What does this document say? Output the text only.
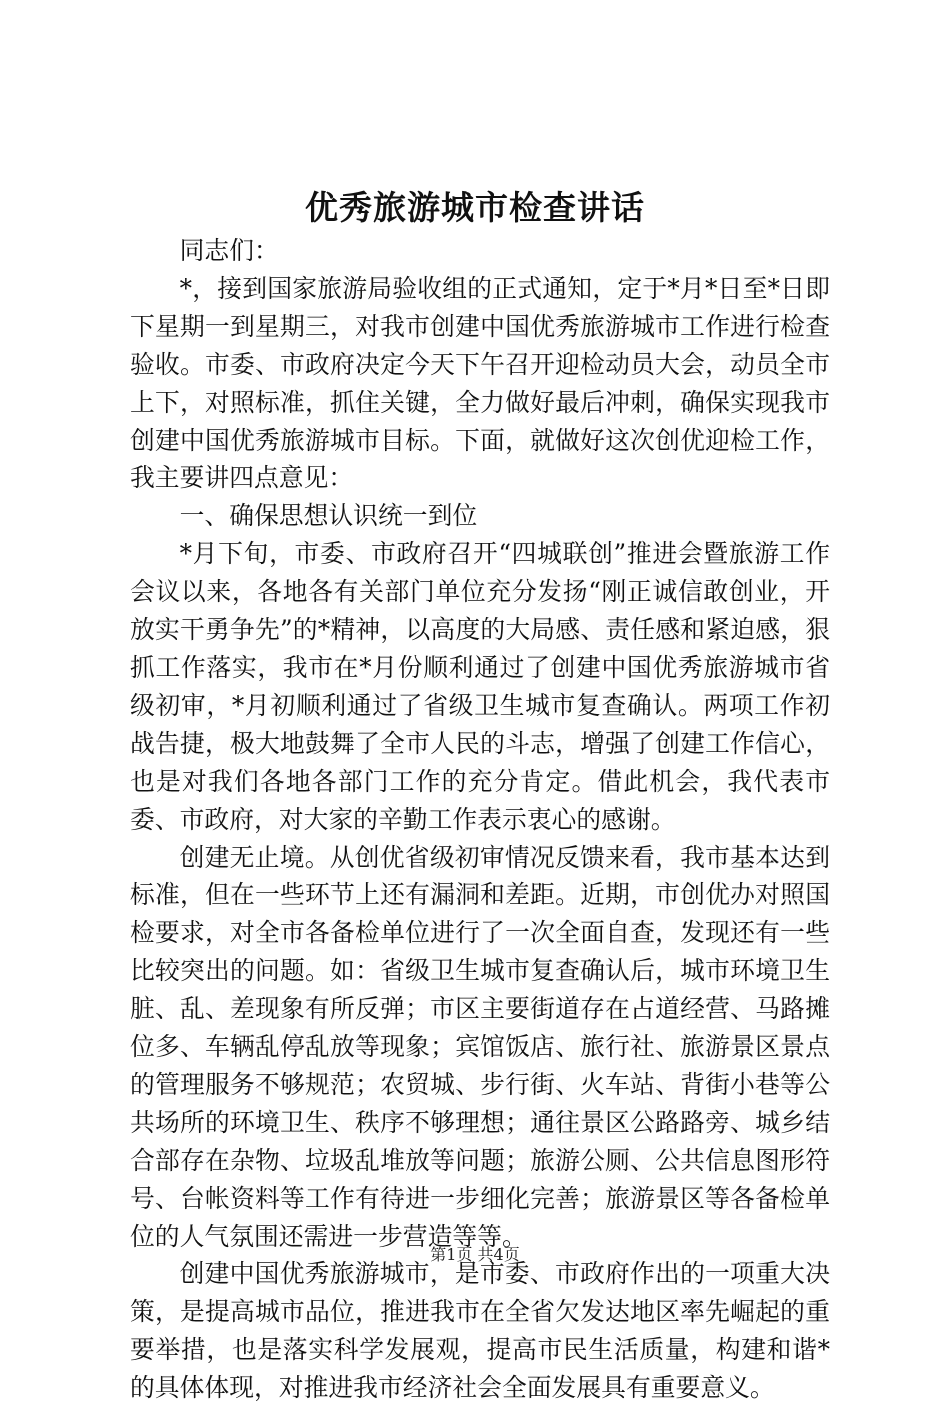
优秀旅游城市检查讲话

同志们：

*，接到国家旅游局验收组的正式通知，定于*月*日至*日即下星期一到星期三，对我市创建中国优秀旅游城市工作进行检查验收。市委、市政府决定今天下午召开迎检动员大会，动员全市上下，对照标准，抓住关键，全力做好最后冲刺，确保实现我市创建中国优秀旅游城市目标。下面，就做好这次创优迎检工作，我主要讲四点意见：

一、确保思想认识统一到位

*月下旬，市委、市政府召开“四城联创”推进会暨旅游工作会议以来，各地各有关部门单位充分发扬“刚正诚信敢创业，开放实干勇争先”的*精神，以高度的大局感、责任感和紧迫感，狠抓工作落实，我市在*月份顺利通过了创建中国优秀旅游城市省级初审，*月初顺利通过了省级卫生城市复查确认。两项工作初战告捷，极大地鼓舞了全市人民的斗志，增强了创建工作信心，也是对我们各地各部门工作的充分肯定。借此机会，我代表市委、市政府，对大家的辛勤工作表示衷心的感谢。

创建无止境。从创优省级初审情况反馈来看，我市基本达到标准，但在一些环节上还有漏洞和差距。近期，市创优办对照国检要求，对全市各备检单位进行了一次全面自查，发现还有一些比较突出的问题。如：省级卫生城市复查确认后，城市环境卫生脏、乱、差现象有所反弹；市区主要街道存在占道经营、马路摊位多、车辆乱停乱放等现象；宾馆饭店、旅行社、旅游景区景点的管理服务不够规范；农贸城、步行街、火车站、背街小巷等公共场所的环境卫生、秩序不够理想；通往景区公路路旁、城乡结合部存在杂物、垃圾乱堆放等问题；旅游公厕、公共信息图形符号、台帐资料等工作有待进一步细化完善；旅游景区等各备检单位的人气氛围还需进一步营造等等。

创建中国优秀旅游城市，是市委、市政府作出的一项重大决策，是提高城市品位，推进我市在全省欠发达地区率先崛起的重要举措，也是落实科学发展观，提高市民生活质量，构建和谐*的具体体现，对推进我市经济社会全面发展具有重要意义。

第1页 共4页
